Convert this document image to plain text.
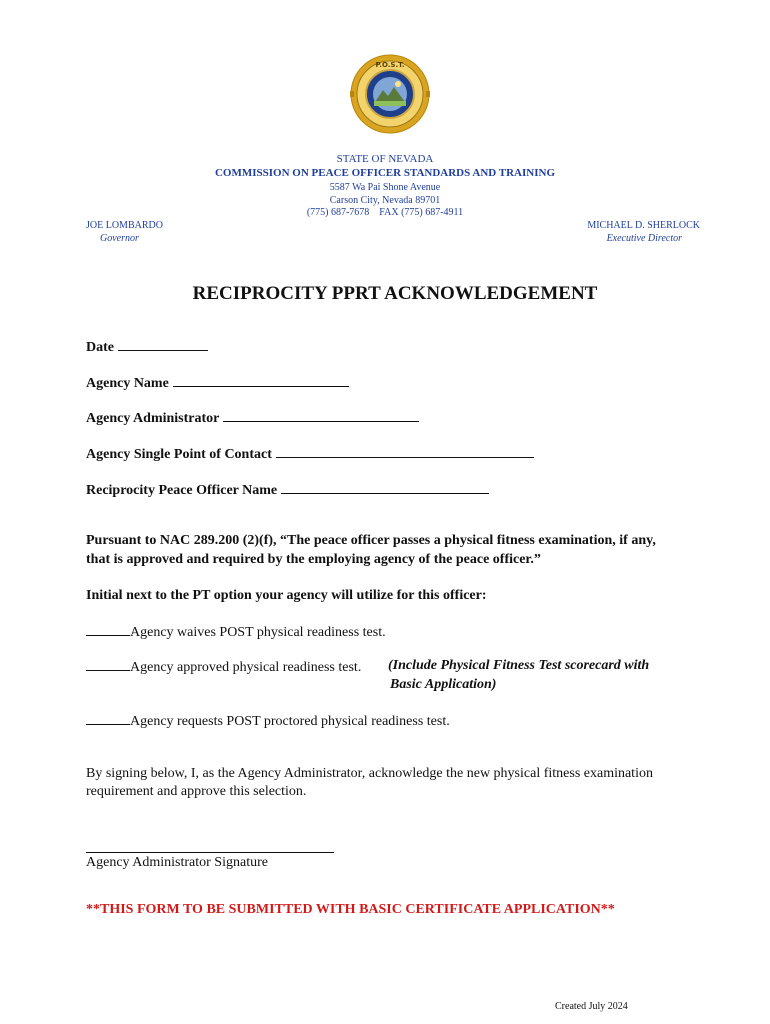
P.O.S.T.
STATE OF NEVADA
COMMISSION ON PEACE OFFICER STANDARDS AND TRAINING
5587 Wa Pai Shone Avenue
Carson City, Nevada 89701
(775) 687-7678    FAX (775) 687-4911
JOE LOMBARDO
Governor
MICHAEL D. SHERLOCK
Executive Director
RECIPROCITY PPRT ACKNOWLEDGEMENT
Date
Agency Name
Agency Administrator
Agency Single Point of Contact
Reciprocity Peace Officer Name
Pursuant to NAC 289.200 (2)(f), “The peace officer passes a physical fitness examination, if any,
that is approved and required by the employing agency of the peace officer.”
Initial next to the PT option your agency will utilize for this officer:
Agency waives POST physical readiness test.
Agency approved physical readiness test. (Include Physical Fitness Test scorecard with
Basic Application)
Agency requests POST proctored physical readiness test.
By signing below, I, as the Agency Administrator, acknowledge the new physical fitness examination
requirement and approve this selection.
Agency Administrator Signature
**THIS FORM TO BE SUBMITTED WITH BASIC CERTIFICATE APPLICATION**
Created July 2024
